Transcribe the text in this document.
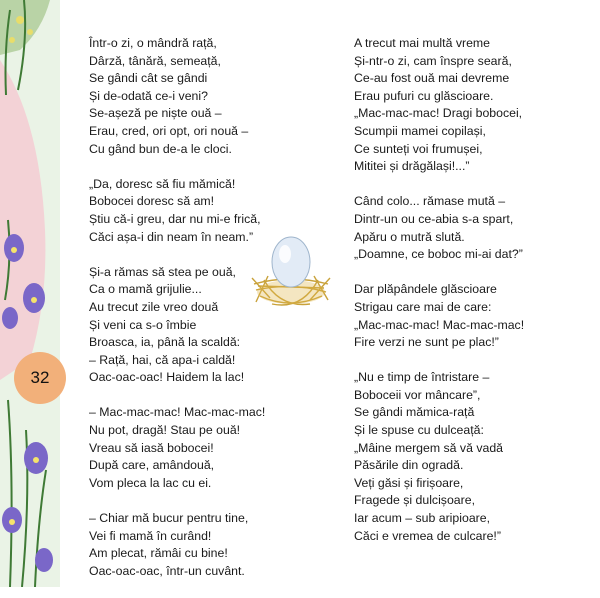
32
Într-o zi, o mândră rață,
Dârză, tânără, semeață,
Se gândi cât se gândi
Și de-odată ce-i veni?
Se-așeză pe niște ouă –
Erau, cred, ori opt, ori nouă –
Cu gând bun de-a le cloci.
„Da, doresc să fiu mămică!
Bobocei doresc să am!
Știu că-i greu, dar nu mi-e frică,
Căci așa-i din neam în neam.”
Și-a rămas să stea pe ouă,
Ca o mamă grijulie...
Au trecut zile vreo două
Și veni ca s-o îmbie
Broasca, ia, până la scaldă:
– Rață, hai, că apa-i caldă!
Oac-oac-oac! Haidem la lac!
– Mac-mac-mac! Mac-mac-mac!
Nu pot, dragă! Stau pe ouă!
Vreau să iasă bobocei!
După care, amândouă,
Vom pleca la lac cu ei.
– Chiar mă bucur pentru tine,
Vei fi mamă în curând!
Am plecat, rămâi cu bine!
Oac-oac-oac, într-un cuvânt.
A trecut mai multă vreme
Și-ntr-o zi, cam înspre seară,
Ce-au fost ouă mai devreme
Erau pufuri cu glăscioare.
„Mac-mac-mac! Dragi bobocei,
Scumpii mamei copilași,
Ce sunteți voi frumușei,
Mititei și drăgălași!...”
Când colo... rămase mută –
Dintr-un ou ce-abia s-a spart,
Apăru o mutră slută.
„Doamne, ce boboc mi-ai dat?”
Dar plăpândele glăscioare
Strigau care mai de care:
„Mac-mac-mac! Mac-mac-mac!
Fire verzi ne sunt pe plac!”
„Nu e timp de întristare –
Boboceii vor mâncare”,
Se gândi mămica-rață
Și le spuse cu dulceață:
„Mâine mergem să vă vadă
Păsările din ogradă.
Veți găsi și firișoare,
Fragede și dulcișoare,
Iar acum – sub aripioare,
Căci e vremea de culcare!”
